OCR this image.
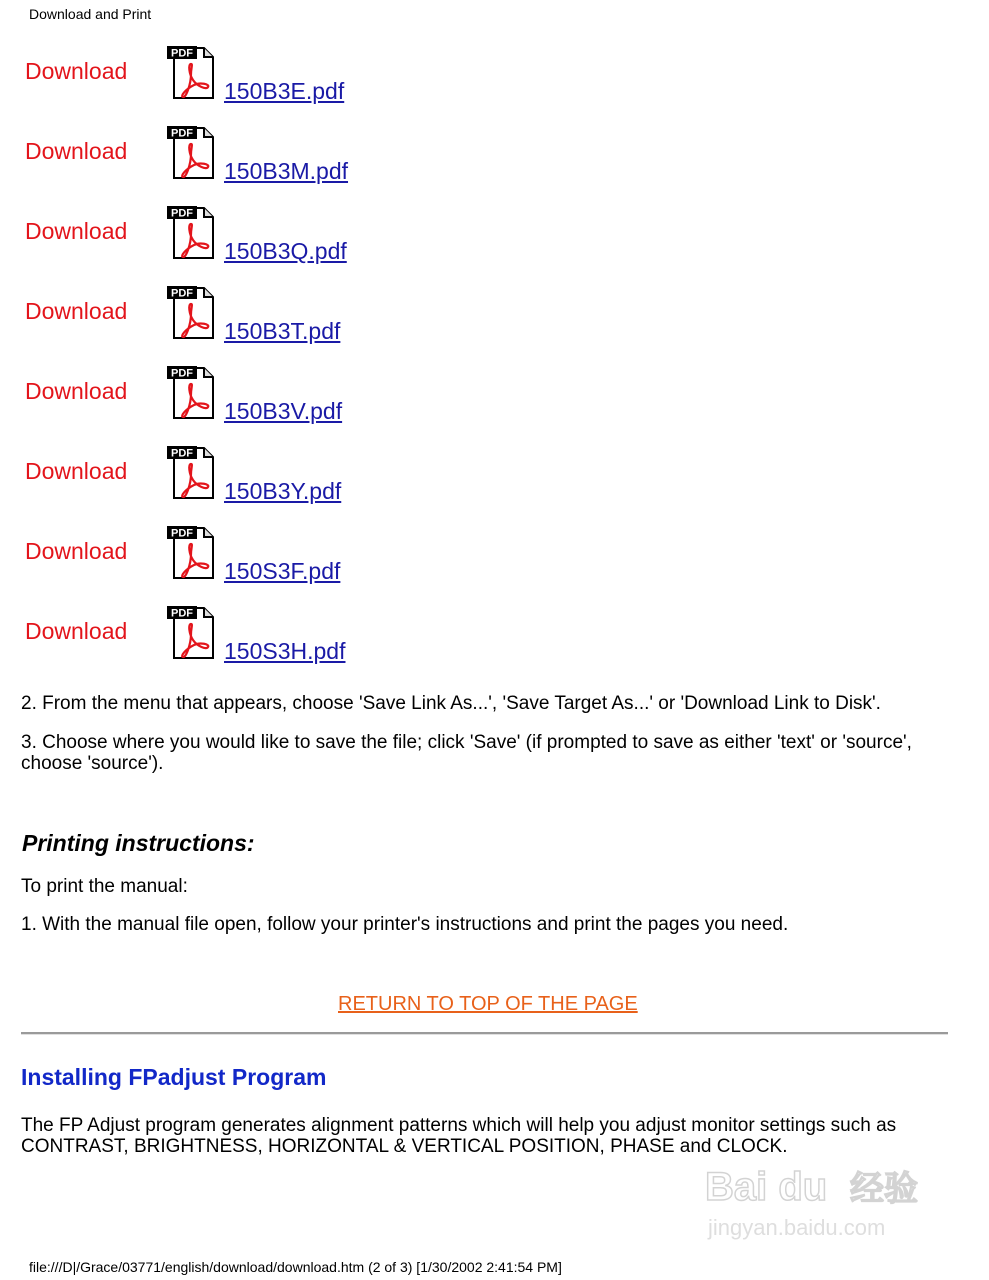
Download and Print
Download
PDF
150B3E.pdf
Download
PDF
150B3M.pdf
Download
PDF
150B3Q.pdf
Download
PDF
150B3T.pdf
Download
PDF
150B3V.pdf
Download
PDF
150B3Y.pdf
Download
PDF
150S3F.pdf
Download
PDF
150S3H.pdf
2. From the menu that appears, choose 'Save Link As...', 'Save Target As...' or 'Download Link to Disk'.
3. Choose where you would like to save the file; click 'Save' (if prompted to save as either 'text' or 'source', choose 'source').
Printing instructions:
To print the manual:
1. With the manual file open, follow your printer's instructions and print the pages you need.
RETURN TO TOP OF THE PAGE
Installing FPadjust Program
The FP Adjust program generates alignment patterns which will help you adjust monitor settings such as CONTRAST, BRIGHTNESS, HORIZONTAL & VERTICAL POSITION, PHASE and CLOCK.
Bai du 经验
jingyan.baidu.com
file:///D|/Grace/03771/english/download/download.htm (2 of 3) [1/30/2002 2:41:54 PM]
